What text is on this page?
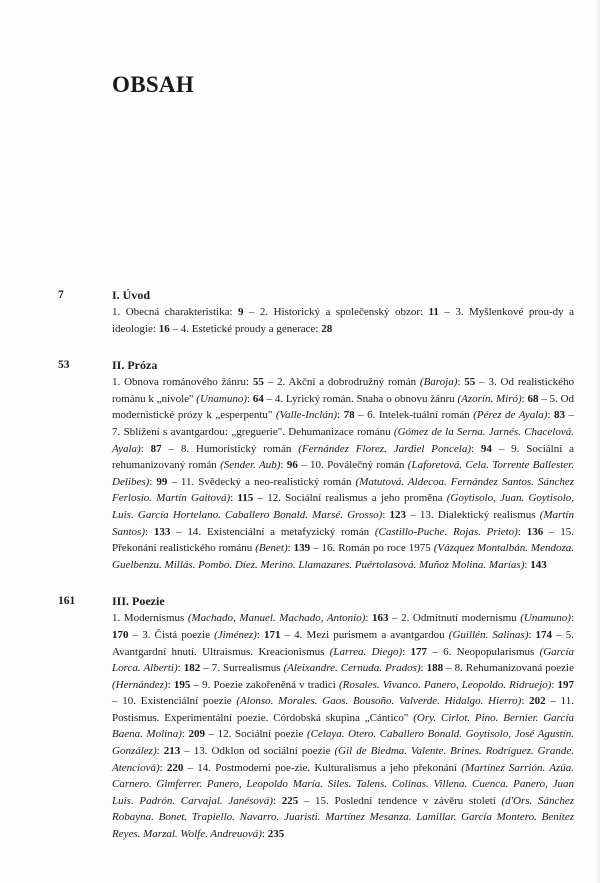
OBSAH
7	I. Úvod
1. Obecná charakteristika: 9 – 2. Historický a společenský obzor: 11 – 3. Myšlenkové prou-dy a ideologie: 16 – 4. Estetické proudy a generace: 28
53	II. Próza
1. Obnova románového žánru: 55 – 2. Akční a dobrodružný román (Baroja): 55 – 3. Od realistického románu k „nivole" (Unamuno): 64 – 4. Lyrický román. Snaha o obnovu žánru (Azorín. Miró): 68 – 5. Od modernistické prózy k „esperpentu" (Valle-Inclán): 78 – 6. Intelek-tuální román (Pérez de Ayala): 83 – 7. Sblížení s avantgardou: „greguerie". Dehumanizace románu (Gómez de la Serna. Jarnés. Chacelová. Ayala): 87 – 8. Humoristický román (Fernández Florez. Jardiel Poncela): 94 – 9. Sociální a rehumanizovaný román (Sender. Aub): 96 – 10. Poválečný román (Laforetová. Cela. Torrente Ballester. Delibes): 99 – 11. Svědecký a neo-realistický román (Matutová. Aldecoa. Fernández Santos. Sánchez Ferlosio. Martín Gaitová): 115 – 12. Sociální realismus a jeho proměna (Goytisolo, Juan. Goytisolo, Luis. García Hortelano. Caballero Bonald. Marsé. Grosso): 123 – 13. Dialektický realismus (Martín Santos): 133 – 14. Existenciální a metafyzický román (Castillo-Puche. Rojas. Prieto): 136 – 15. Překonání realistického románu (Benet): 139 – 16. Román po roce 1975 (Vázquez Montalbán. Mendoza. Guelbenzu. Millás. Pombo. Díez. Merino. Llamazares. Puértolasová. Muñoz Molina. Marías): 143
161	III. Poezie
1. Modernismus (Machado, Manuel. Machado, Antonio): 163 – 2. Odmítnutí modernismu (Unamuno): 170 – 3. Čistá poezie (Jiménez): 171 – 4. Mezi purismem a avantgardou (Guillén. Salinas): 174 – 5. Avantgardní hnutí. Ultraismus. Kreacionismus (Larrea. Diego): 177 – 6. Neopopularismus (García Lorca. Alberti): 182 – 7. Surrealismus (Aleixandre. Cernuda. Prados): 188 – 8. Rehumanizovaná poezie (Hernández): 195 – 9. Poezie zakořeněná v tradici (Rosales. Vivanco. Panero, Leopoldo. Ridruejo): 197 – 10. Existenciální poezie (Alonso. Morales. Gaos. Bousoño. Valverde. Hidalgo. Hierro): 202 – 11. Postismus. Experimentální poezie. Córdobská skupina „Cántico" (Ory. Cirlot. Pino. Bernier. García Baena. Molina): 209 – 12. Sociální poezie (Celaya. Otero. Caballero Bonald. Goytisolo, José Agustín. González): 213 – 13. Odklon od sociální poezie (Gil de Biedma. Valente. Brines. Rodríguez. Grande. Atenciová): 220 – 14. Postmoderní poe-zie. Kulturalismus a jeho překonání (Martínez Sarrión. Azúa. Carnero. Gimferrer. Panero, Leopoldo María. Siles. Talens. Colinas. Villena. Cuenca. Panero, Juan Luis. Padrón. Carvajal. Janésová): 225 – 15. Poslední tendence v závěru století (d'Ors. Sánchez Robayna. Bonet. Trapiello. Navarro. Juaristi. Martínez Mesanza. Lamillar. García Montero. Benítez Reyes. Marzal. Wolfe. Andreuová): 235
